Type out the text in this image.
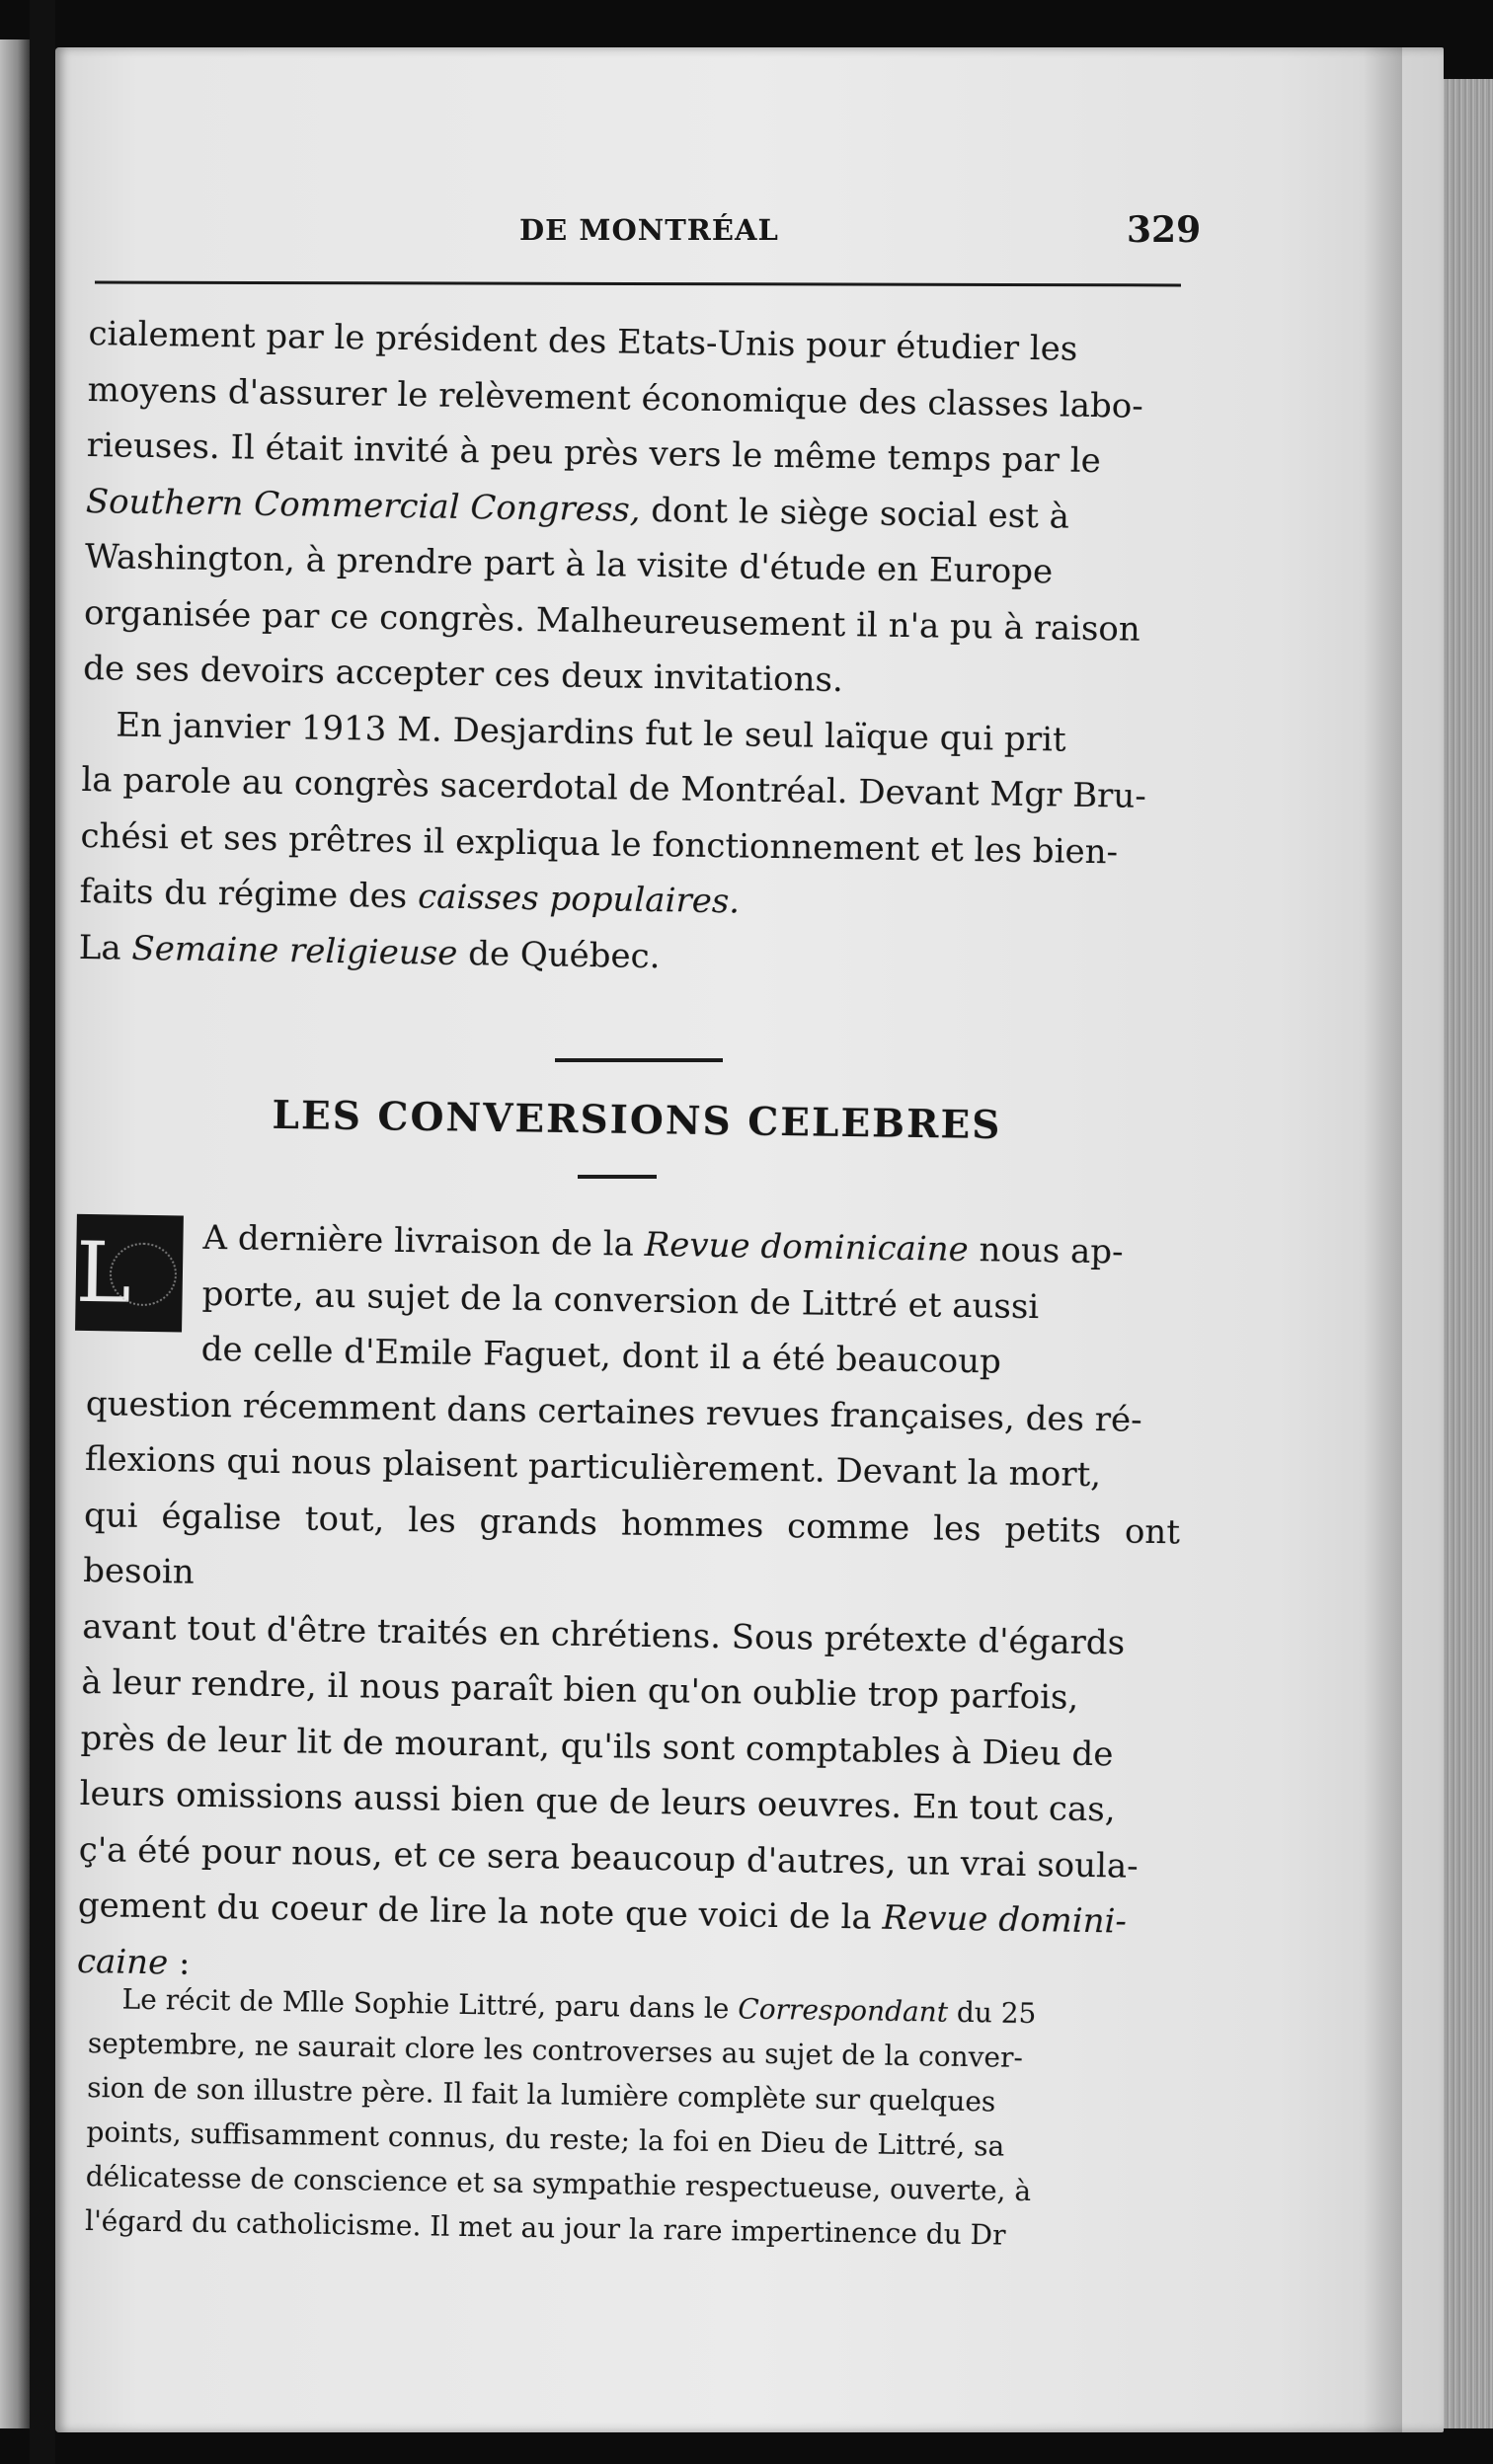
DE MONTRÉAL	329

cialement par le président des Etats-Unis pour étudier les
moyens d'assurer le relèvement économique des classes labo-
rieuses. Il était invité à peu près vers le même temps par le
Southern Commercial Congress, dont le siège social est à
Washington, à prendre part à la visite d'étude en Europe
organisée par ce congrès. Malheureusement il n'a pu à raison
de ses devoirs accepter ces deux invitations.

En janvier 1913 M. Desjardins fut le seul laïque qui prit
la parole au congrès sacerdotal de Montréal. Devant Mgr Bru-
chési et ses prêtres il expliqua le fonctionnement et les bien-
faits du régime des caisses populaires.

La Semaine religieuse de Québec.

LES CONVERSIONS CELEBRES

L	A dernière livraison de la Revue dominicaine nous ap-
porte, au sujet de la conversion de Littré et aussi
de celle d'Emile Faguet, dont il a été beaucoup
question récemment dans certaines revues françaises, des ré-
flexions qui nous plaisent particulièrement. Devant la mort,
qui égalise tout, les grands hommes comme les petits ont besoin
avant tout d'être traités en chrétiens. Sous prétexte d'égards
à leur rendre, il nous paraît bien qu'on oublie trop parfois,
près de leur lit de mourant, qu'ils sont comptables à Dieu de
leurs omissions aussi bien que de leurs oeuvres. En tout cas,
ç'a été pour nous, et ce sera beaucoup d'autres, un vrai soula-
gement du coeur de lire la note que voici de la Revue domini-
caine :

Le récit de Mlle Sophie Littré, paru dans le Correspondant du 25
septembre, ne saurait clore les controverses au sujet de la conver-
sion de son illustre père. Il fait la lumière complète sur quelques
points, suffisamment connus, du reste; la foi en Dieu de Littré, sa
délicatesse de conscience et sa sympathie respectueuse, ouverte, à
l'égard du catholicisme. Il met au jour la rare impertinence du Dr
